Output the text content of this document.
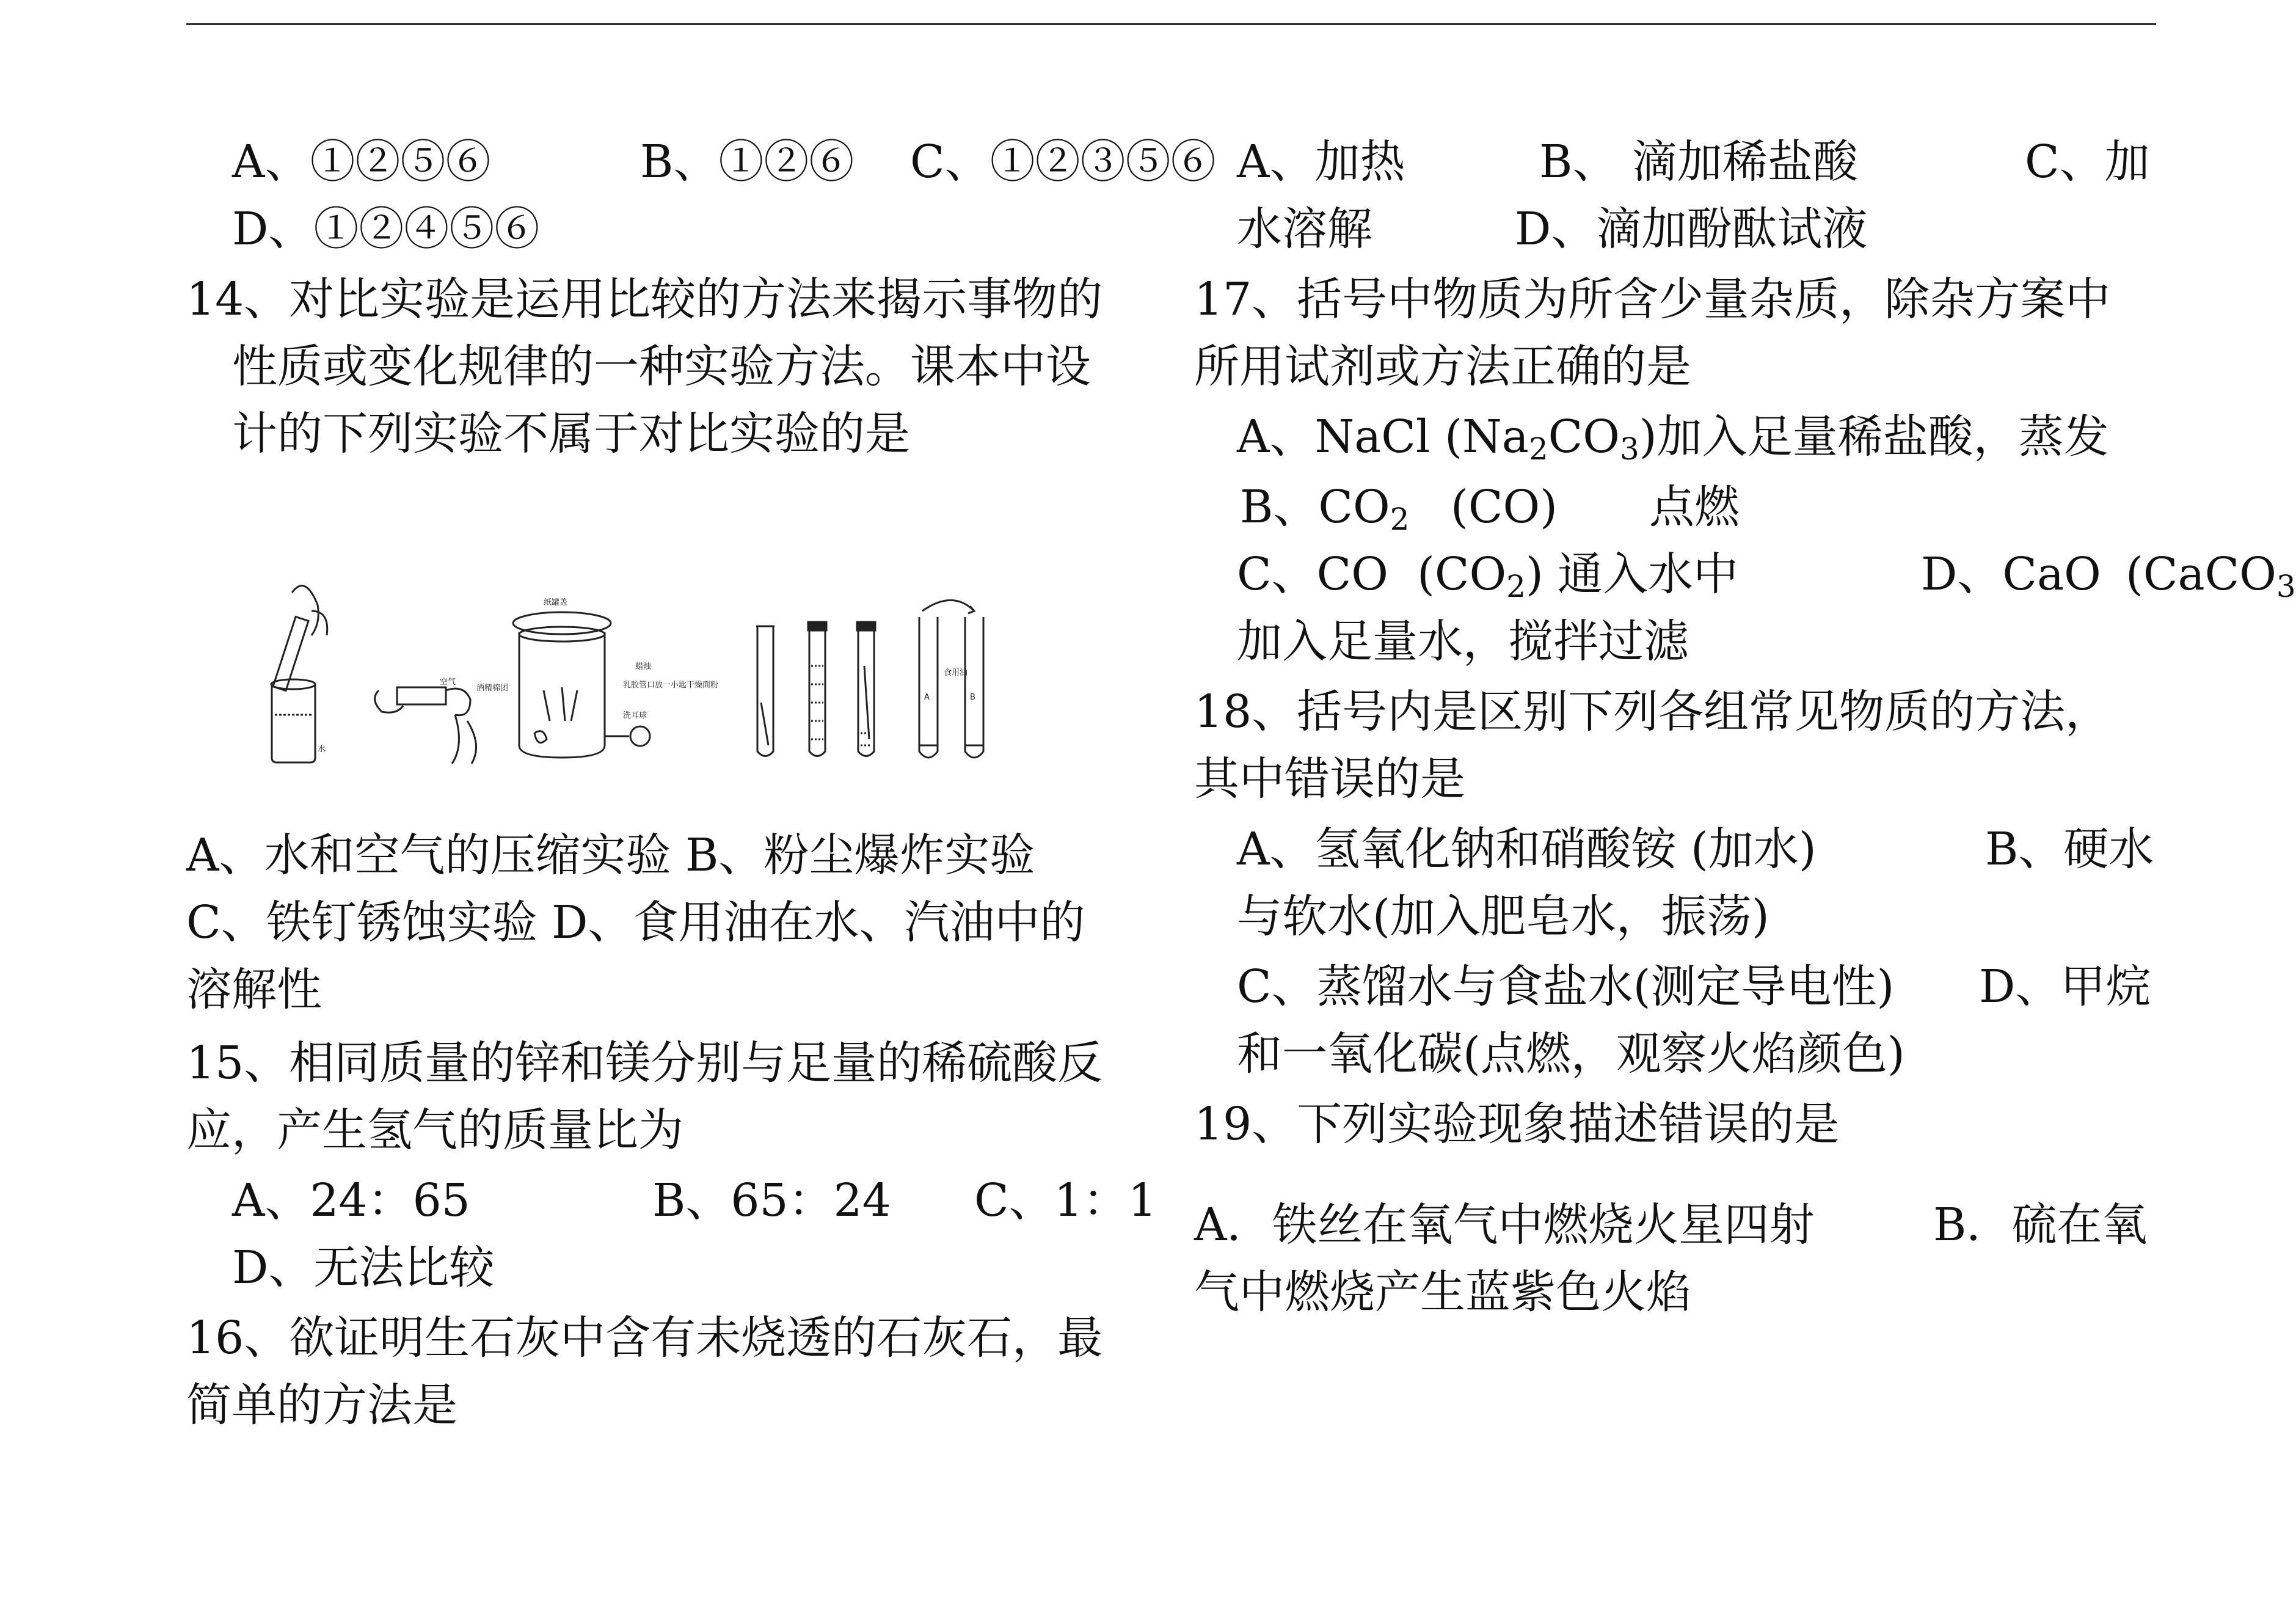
A、①②⑤⑥	B、①②⑥ C、①②③⑤⑥
D、①②④⑤⑥
14、对比实验是运用比较的方法来揭示事物的
性质或变化规律的一种实验方法。课本中设
计的下列实验不属于对比实验的是
水
空气
纸罐盖
蜡烛
乳胶管口放一小匙干燥面粉
酒精棉团
洗耳球
A	B
食用油
A、水和空气的压缩实验 B、粉尘爆炸实验
C、铁钉锈蚀实验 D、食用油在水、汽油中的
溶解性
15、相同质量的锌和镁分别与足量的稀硫酸反
应，产生氢气的质量比为
A、24：65	B、65：24 C、1：1
D、无法比较
16、欲证明生石灰中含有未烧透的石灰石，最
简单的方法是
A、加热	B、 滴加稀盐酸	C、加
水溶解	D、滴加酚酞试液
17、括号中物质为所含少量杂质，除杂方案中
所用试剂或方法正确的是
A、NaCl $(Na_2CO_3)$加入足量稀盐酸，蒸发
B、$CO_2$ (CO) 点燃
C、CO $(CO_2)$ 通入水中	D、CaO (CaCO$_3$
加入足量水，搅拌过滤
18、括号内是区别下列各组常见物质的方法，
其中错误的是
A、氢氧化钠和硝酸铵 (加水)	B、硬水
与软水(加入肥皂水，振荡)
C、蒸馏水与食盐水(测定导电性) D、甲烷
和一氧化碳(点燃，观察火焰颜色)
19、下列实验现象描述错误的是
A．铁丝在氧气中燃烧火星四射	B．硫在氧
气中燃烧产生蓝紫色火焰
